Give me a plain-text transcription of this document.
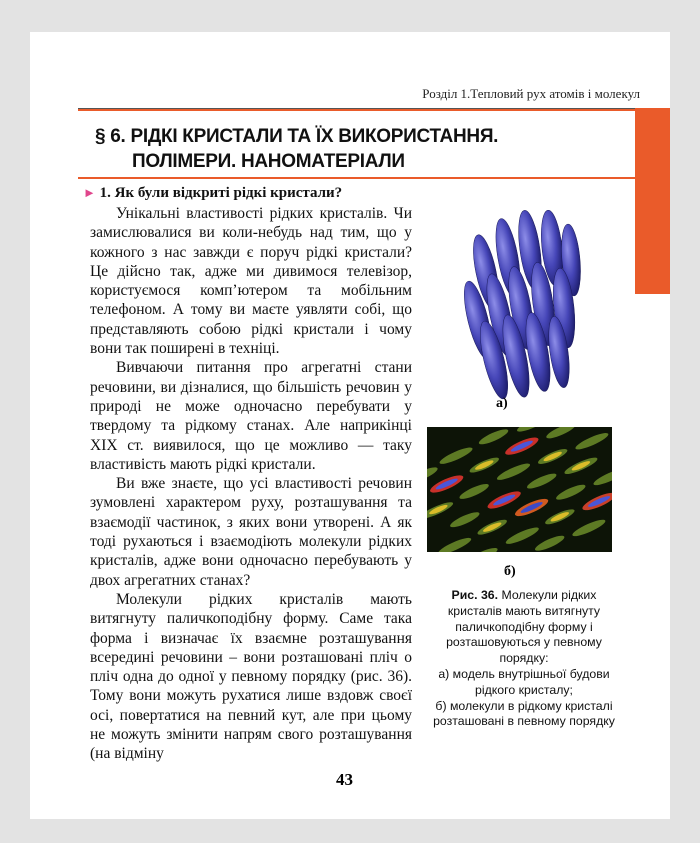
Розділ 1.Тепловий рух атомів і молекул
§ 6. РІДКІ КРИСТАЛИ ТА ЇХ ВИКОРИСТАННЯ.
ПОЛІМЕРИ. НАНОМАТЕРІАЛИ
► 1. Як були відкриті рідкі кристали?

Унікальні властивості рідких кристалів. Чи замислювалися ви коли-небудь над тим, що у кожного з нас завжди є поруч рідкі кристали? Це дійсно так, адже ми дивимося телевізор, користуємося комп’ютером та мобільним телефоном. А тому ви маєте уявляти собі, що представляють собою рідкі кристали і чому вони так поширені в техніці.

Вивчаючи питання про агрегатні стани речовини, ви дізналися, що більшість речовин у природі не може одночасно перебувати у твердому та рідкому станах. Але наприкінці XIX ст. виявилося, що це можливо — таку властивість мають рідкі кристали.

Ви вже знаєте, що усі властивості речовин зумовлені характером руху, розташування та взаємодії частинок, з яких вони утворені. А як тоді рухаються і взаємодіють молекули рідких кристалів, адже вони одночасно перебувають у двох агрегатних станах?

Молекули рідких кристалів мають витягнуту паличкоподібну форму. Саме така форма і визначає їх взаємне розташування всередині речовини – вони розташовані пліч о пліч одна до одної у певному порядку (рис. 36). Тому вони можуть рухатися лише вздовж своєї осі, повертатися на певний кут, але при цьому не можуть змінити напрям свого розташування (на відміну

а)
б)
Рис. 36. Молекули рідких кристалів мають витягнуту паличкоподібну форму і розташовуються у певному порядку:
а) модель внутрішньої будови рідкого кристалу;
б) молекули в рідкому кристалі розташовані в певному порядку
43
